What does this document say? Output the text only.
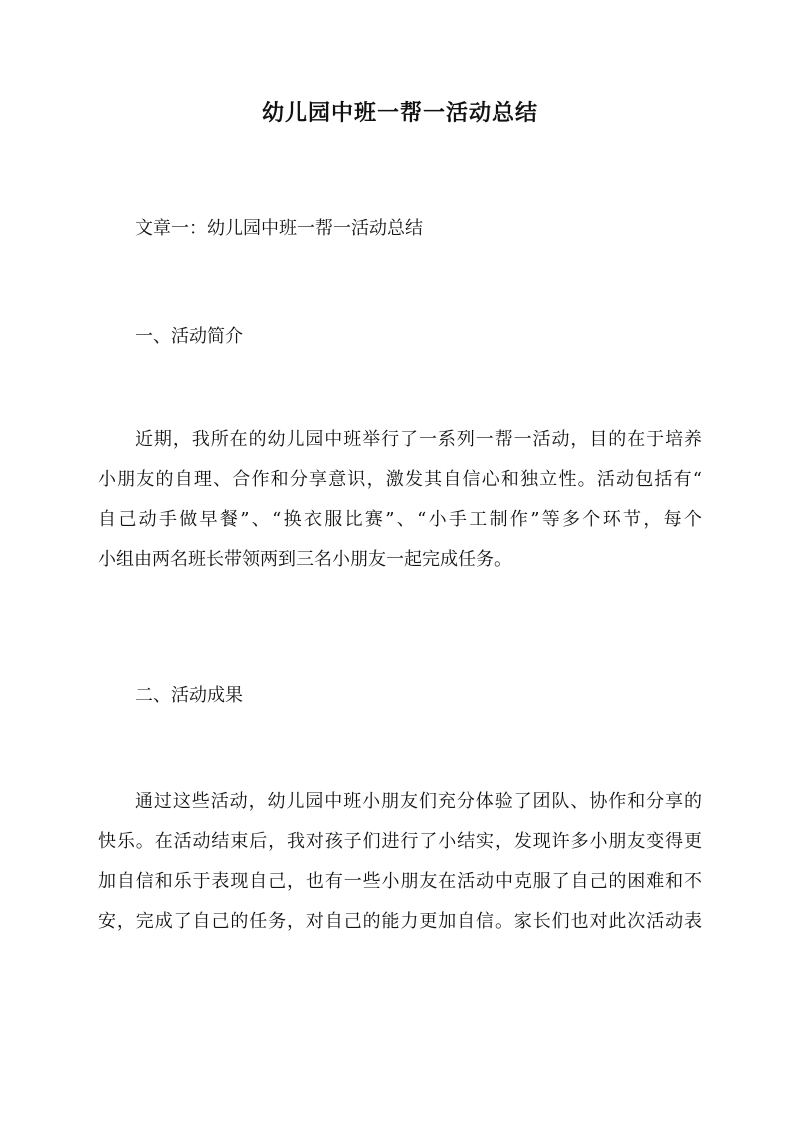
幼儿园中班一帮一活动总结
文章一：幼儿园中班一帮一活动总结
一、活动简介
近期，我所在的幼儿园中班举行了一系列一帮一活动，目的在于培养
小朋友的自理、合作和分享意识，激发其自信心和独立性。活动包括有“
自己动手做早餐”、“换衣服比赛”、“小手工制作”等多个环节，每个
小组由两名班长带领两到三名小朋友一起完成任务。
二、活动成果
通过这些活动，幼儿园中班小朋友们充分体验了团队、协作和分享的
快乐。在活动结束后，我对孩子们进行了小结实，发现许多小朋友变得更
加自信和乐于表现自己，也有一些小朋友在活动中克服了自己的困难和不
安，完成了自己的任务，对自己的能力更加自信。家长们也对此次活动表
